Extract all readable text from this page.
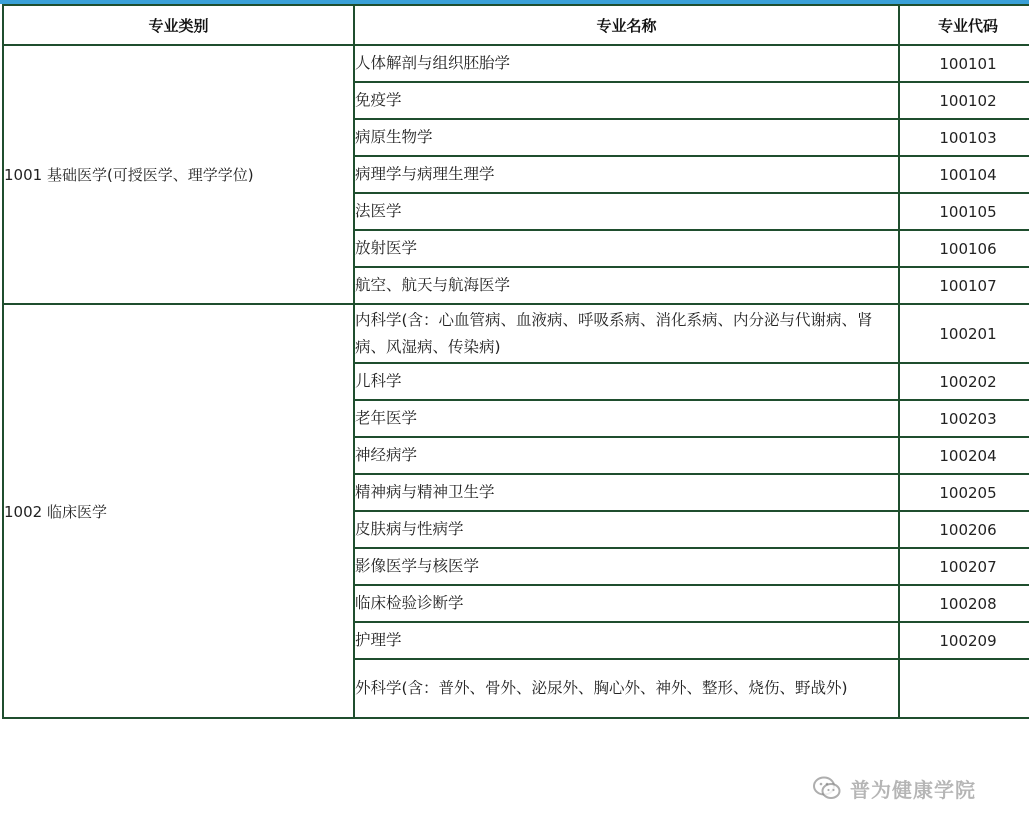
专业类别	专业名称	专业代码
1001 基础医学(可授医学、理学学位)	人体解剖与组织胚胎学	100101
	免疫学	100102
	病原生物学	100103
	病理学与病理生理学	100104
	法医学	100105
	放射医学	100106
	航空、航天与航海医学	100107
1002 临床医学	内科学(含：心血管病、血液病、呼吸系病、消化系病、内分泌与代谢病、肾病、风湿病、传染病)	100201
	儿科学	100202
	老年医学	100203
	神经病学	100204
	精神病与精神卫生学	100205
	皮肤病与性病学	100206
	影像医学与核医学	100207
	临床检验诊断学	100208
	护理学	100209
	外科学(含：普外、骨外、泌尿外、胸心外、神外、整形、烧伤、野战外)	
普为健康学院
